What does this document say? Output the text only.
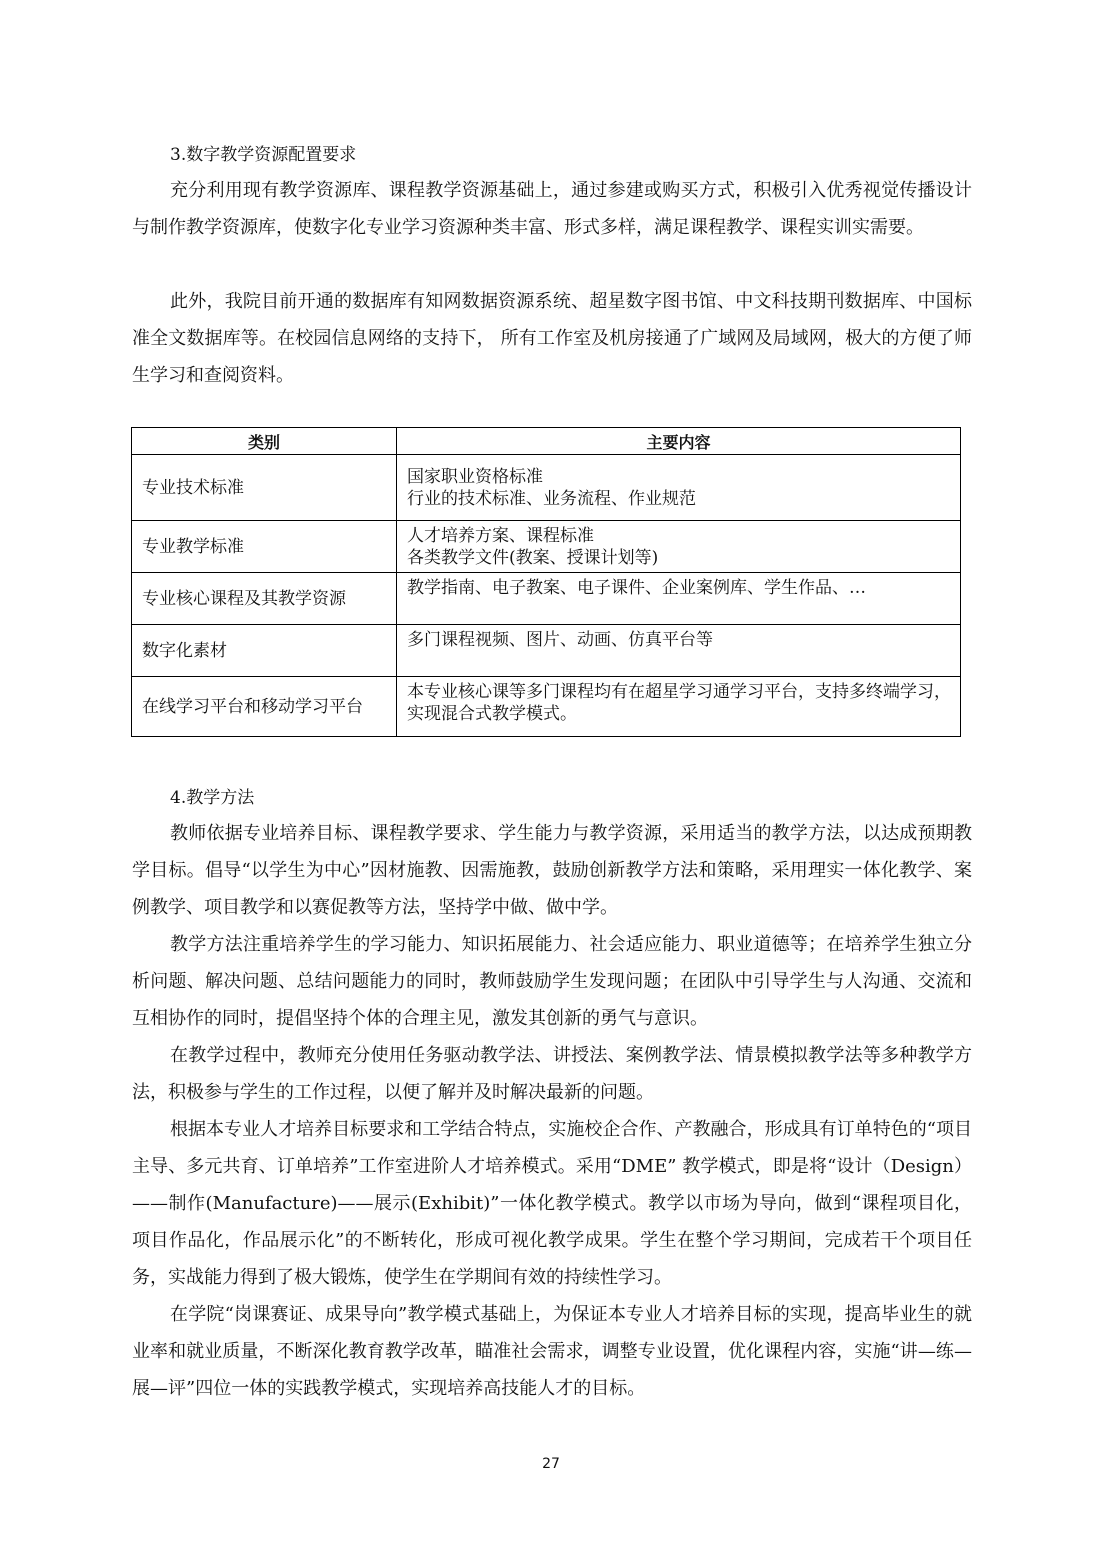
3.数字教学资源配置要求

充分利用现有教学资源库、课程教学资源基础上，通过参建或购买方式，积极引入优秀视觉传播设计与制作教学资源库，使数字化专业学习资源种类丰富、形式多样，满足课程教学、课程实训实需要。

此外，我院目前开通的数据库有知网数据资源系统、超星数字图书馆、中文科技期刊数据库、中国标准全文数据库等。在校园信息网络的支持下， 所有工作室及机房接通了广域网及局域网，极大的方便了师生学习和查阅资料。

类别	主要内容
专业技术标准	国家职业资格标准
行业的技术标准、业务流程、作业规范

专业教学标准	人才培养方案、课程标准
各类教学文件(教案、授课计划等)

专业核心课程及其教学资源	教学指南、电子教案、电子课件、企业案例库、学生作品、…

数字化素材	多门课程视频、图片、动画、仿真平台等

在线学习平台和移动学习平台	本专业核心课等多门课程均有在超星学习通学习平台，支持多终端学习，实现混合式教学模式。
4.教学方法

教师依据专业培养目标、课程教学要求、学生能力与教学资源，采用适当的教学方法，以达成预期教学目标。倡导“以学生为中心”因材施教、因需施教，鼓励创新教学方法和策略，采用理实一体化教学、案例教学、项目教学和以赛促教等方法，坚持学中做、做中学。

教学方法注重培养学生的学习能力、知识拓展能力、社会适应能力、职业道德等；在培养学生独立分析问题、解决问题、总结问题能力的同时，教师鼓励学生发现问题；在团队中引导学生与人沟通、交流和互相协作的同时，提倡坚持个体的合理主见，激发其创新的勇气与意识。

在教学过程中，教师充分使用任务驱动教学法、讲授法、案例教学法、情景模拟教学法等多种教学方法，积极参与学生的工作过程，以便了解并及时解决最新的问题。

根据本专业人才培养目标要求和工学结合特点，实施校企合作、产教融合，形成具有订单特色的“项目主导、多元共育、订单培养”工作室进阶人才培养模式。采用“DME” 教学模式，即是将“设计（Design）——制作(Manufacture)——展示(Exhibit)”一体化教学模式。教学以市场为导向，做到“课程项目化，项目作品化，作品展示化”的不断转化，形成可视化教学成果。学生在整个学习期间，完成若干个项目任务，实战能力得到了极大锻炼，使学生在学期间有效的持续性学习。

在学院“岗课赛证、成果导向”教学模式基础上，为保证本专业人才培养目标的实现，提高毕业生的就业率和就业质量，不断深化教育教学改革，瞄准社会需求，调整专业设置，优化课程内容，实施“讲—练—展—评”四位一体的实践教学模式，实现培养高技能人才的目标。

27
